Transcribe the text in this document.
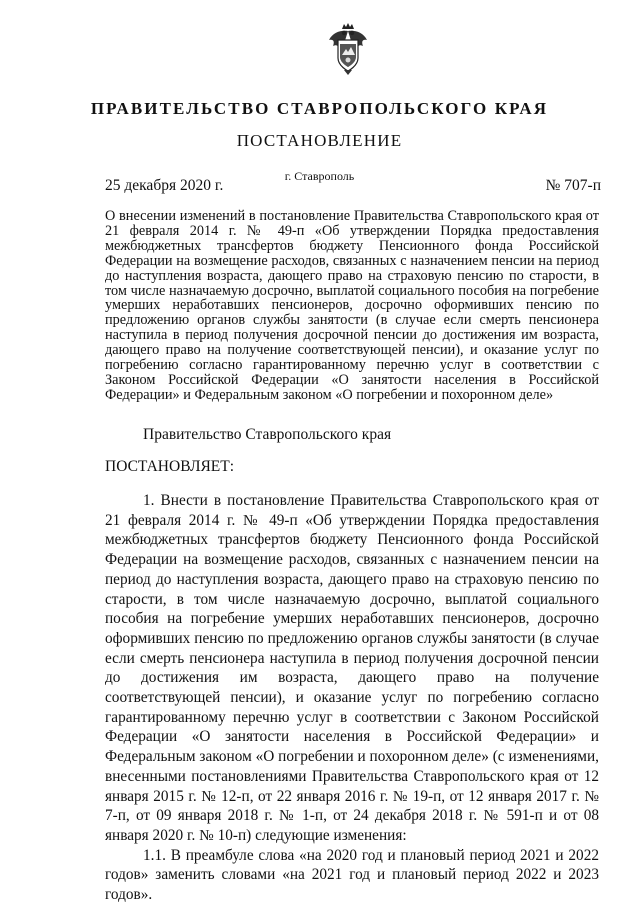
ПРАВИТЕЛЬСТВО СТАВРОПОЛЬСКОГО КРАЯ
ПОСТАНОВЛЕНИЕ
г. Ставрополь
25 декабря 2020 г.	№ 707-п
О внесении изменений в постановление Правительства Ставропольского края от 21 февраля 2014 г. № 49-п «Об утверждении Порядка предоставления межбюджетных трансфертов бюджету Пенсионного фонда Российской Федерации на возмещение расходов, связанных с назначением пенсии на период до наступления возраста, дающего право на страховую пенсию по старости, в том числе назначаемую досрочно, выплатой социального пособия на погребение умерших неработавших пенсионеров, досрочно оформивших пенсию по предложению органов службы занятости (в случае если смерть пенсионера наступила в период получения досрочной пенсии до достижения им возраста, дающего право на получение соответствующей пенсии), и оказание услуг по погребению согласно гарантированному перечню услуг в соответствии с Законом Российской Федерации «О занятости населения в Российской Федерации» и Федеральным законом «О погребении и похоронном деле»
Правительство Ставропольского края
ПОСТАНОВЛЯЕТ:

1. Внести в постановление Правительства Ставропольского края от 21 февраля 2014 г. № 49-п «Об утверждении Порядка предоставления межбюджетных трансфертов бюджету Пенсионного фонда Российской Федерации на возмещение расходов, связанных с назначением пенсии на период до наступления возраста, дающего право на страховую пенсию по старости, в том числе назначаемую досрочно, выплатой социального пособия на погребение умерших неработавших пенсионеров, досрочно оформивших пенсию по предложению органов службы занятости (в случае если смерть пенсионера наступила в период получения досрочной пенсии до достижения им возраста, дающего право на получение соответствующей пенсии), и оказание услуг по погребению согласно гарантированному перечню услуг в соответствии с Законом Российской Федерации «О занятости населения в Российской Федерации» и Федеральным законом «О погребении и похоронном деле» (с изменениями, внесенными постановлениями Правительства Ставропольского края от 12 января 2015 г. № 12-п, от 22 января 2016 г. № 19-п, от 12 января 2017 г. № 7-п, от 09 января 2018 г. № 1-п, от 24 декабря 2018 г. № 591-п и от 08 января 2020 г. № 10-п) следующие изменения:

1.1. В преамбуле слова «на 2020 год и плановый период 2021 и 2022 годов» заменить словами «на 2021 год и плановый период 2022 и 2023 годов».
